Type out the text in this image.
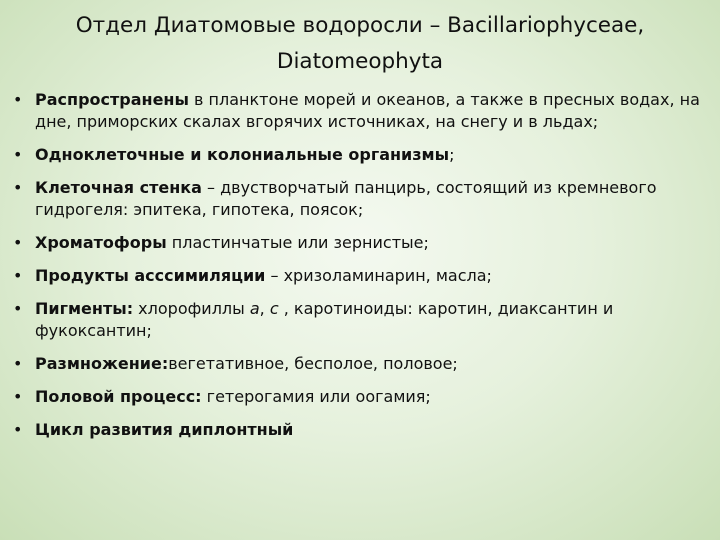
Отдел Диатомовые водоросли – Bacillariophyceae,
Diatomeophyta
• Распространены в планктоне морей и океанов, а также в пресных водах, на дне, приморских скалах вгорячих источниках, на снегу и в льдах;
• Одноклеточные и колониальные организмы;
• Клеточная стенка – двустворчатый панцирь, состоящий из кремневого гидрогеля: эпитека, гипотека, поясок;
• Хроматофоры пластинчатые или зернистые;
• Продукты асссимиляции – хризоламинарин, масла;
• Пигменты: хлорофиллы a, c , каротиноиды: каротин, диаксантин и фукоксантин;
• Размножение:вегетативное, бесполое, половое;
• Половой процесс: гетерогамия или оогамия;
• Цикл развития диплонтный
